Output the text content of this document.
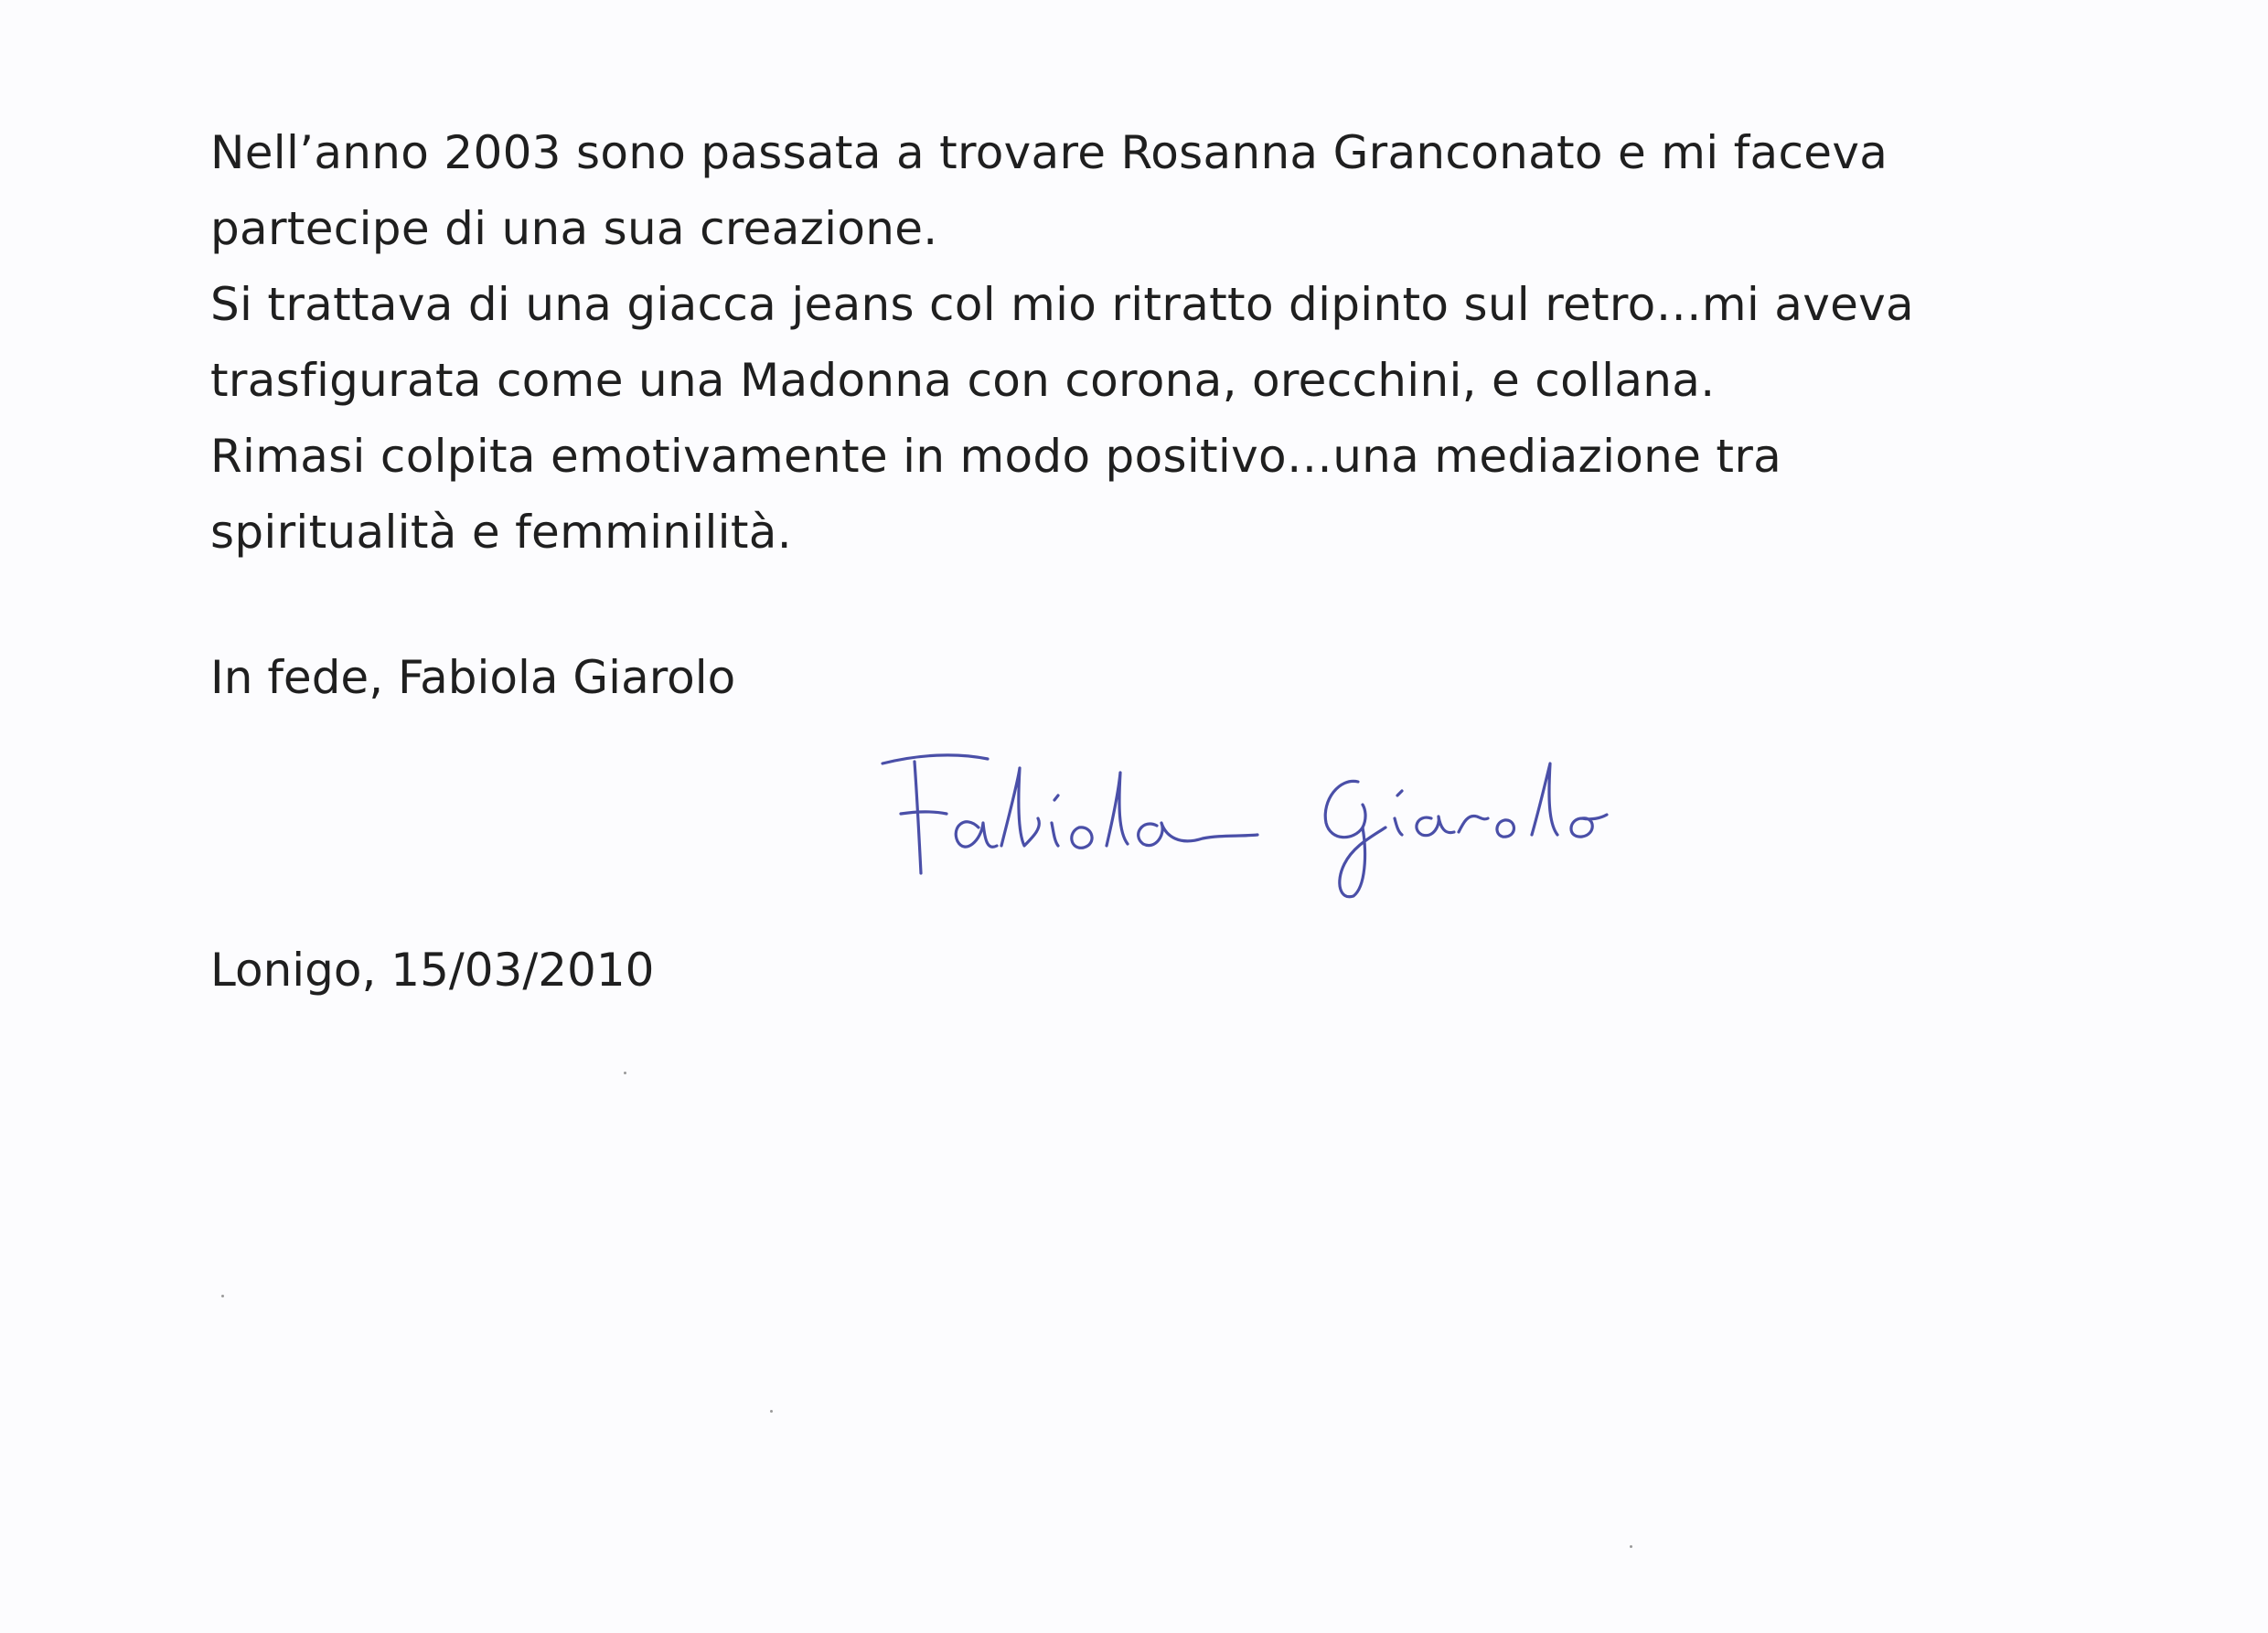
Nell’anno 2003 sono passata a trovare Rosanna Granconato e mi faceva
partecipe di una sua creazione.
Si trattava di una giacca jeans col mio ritratto dipinto sul retro…mi aveva
trasfigurata come una Madonna con corona, orecchini, e collana.
Rimasi colpita emotivamente in modo positivo…una mediazione tra
spiritualità e femminilità.
In fede, Fabiola Giarolo
Lonigo, 15/03/2010
